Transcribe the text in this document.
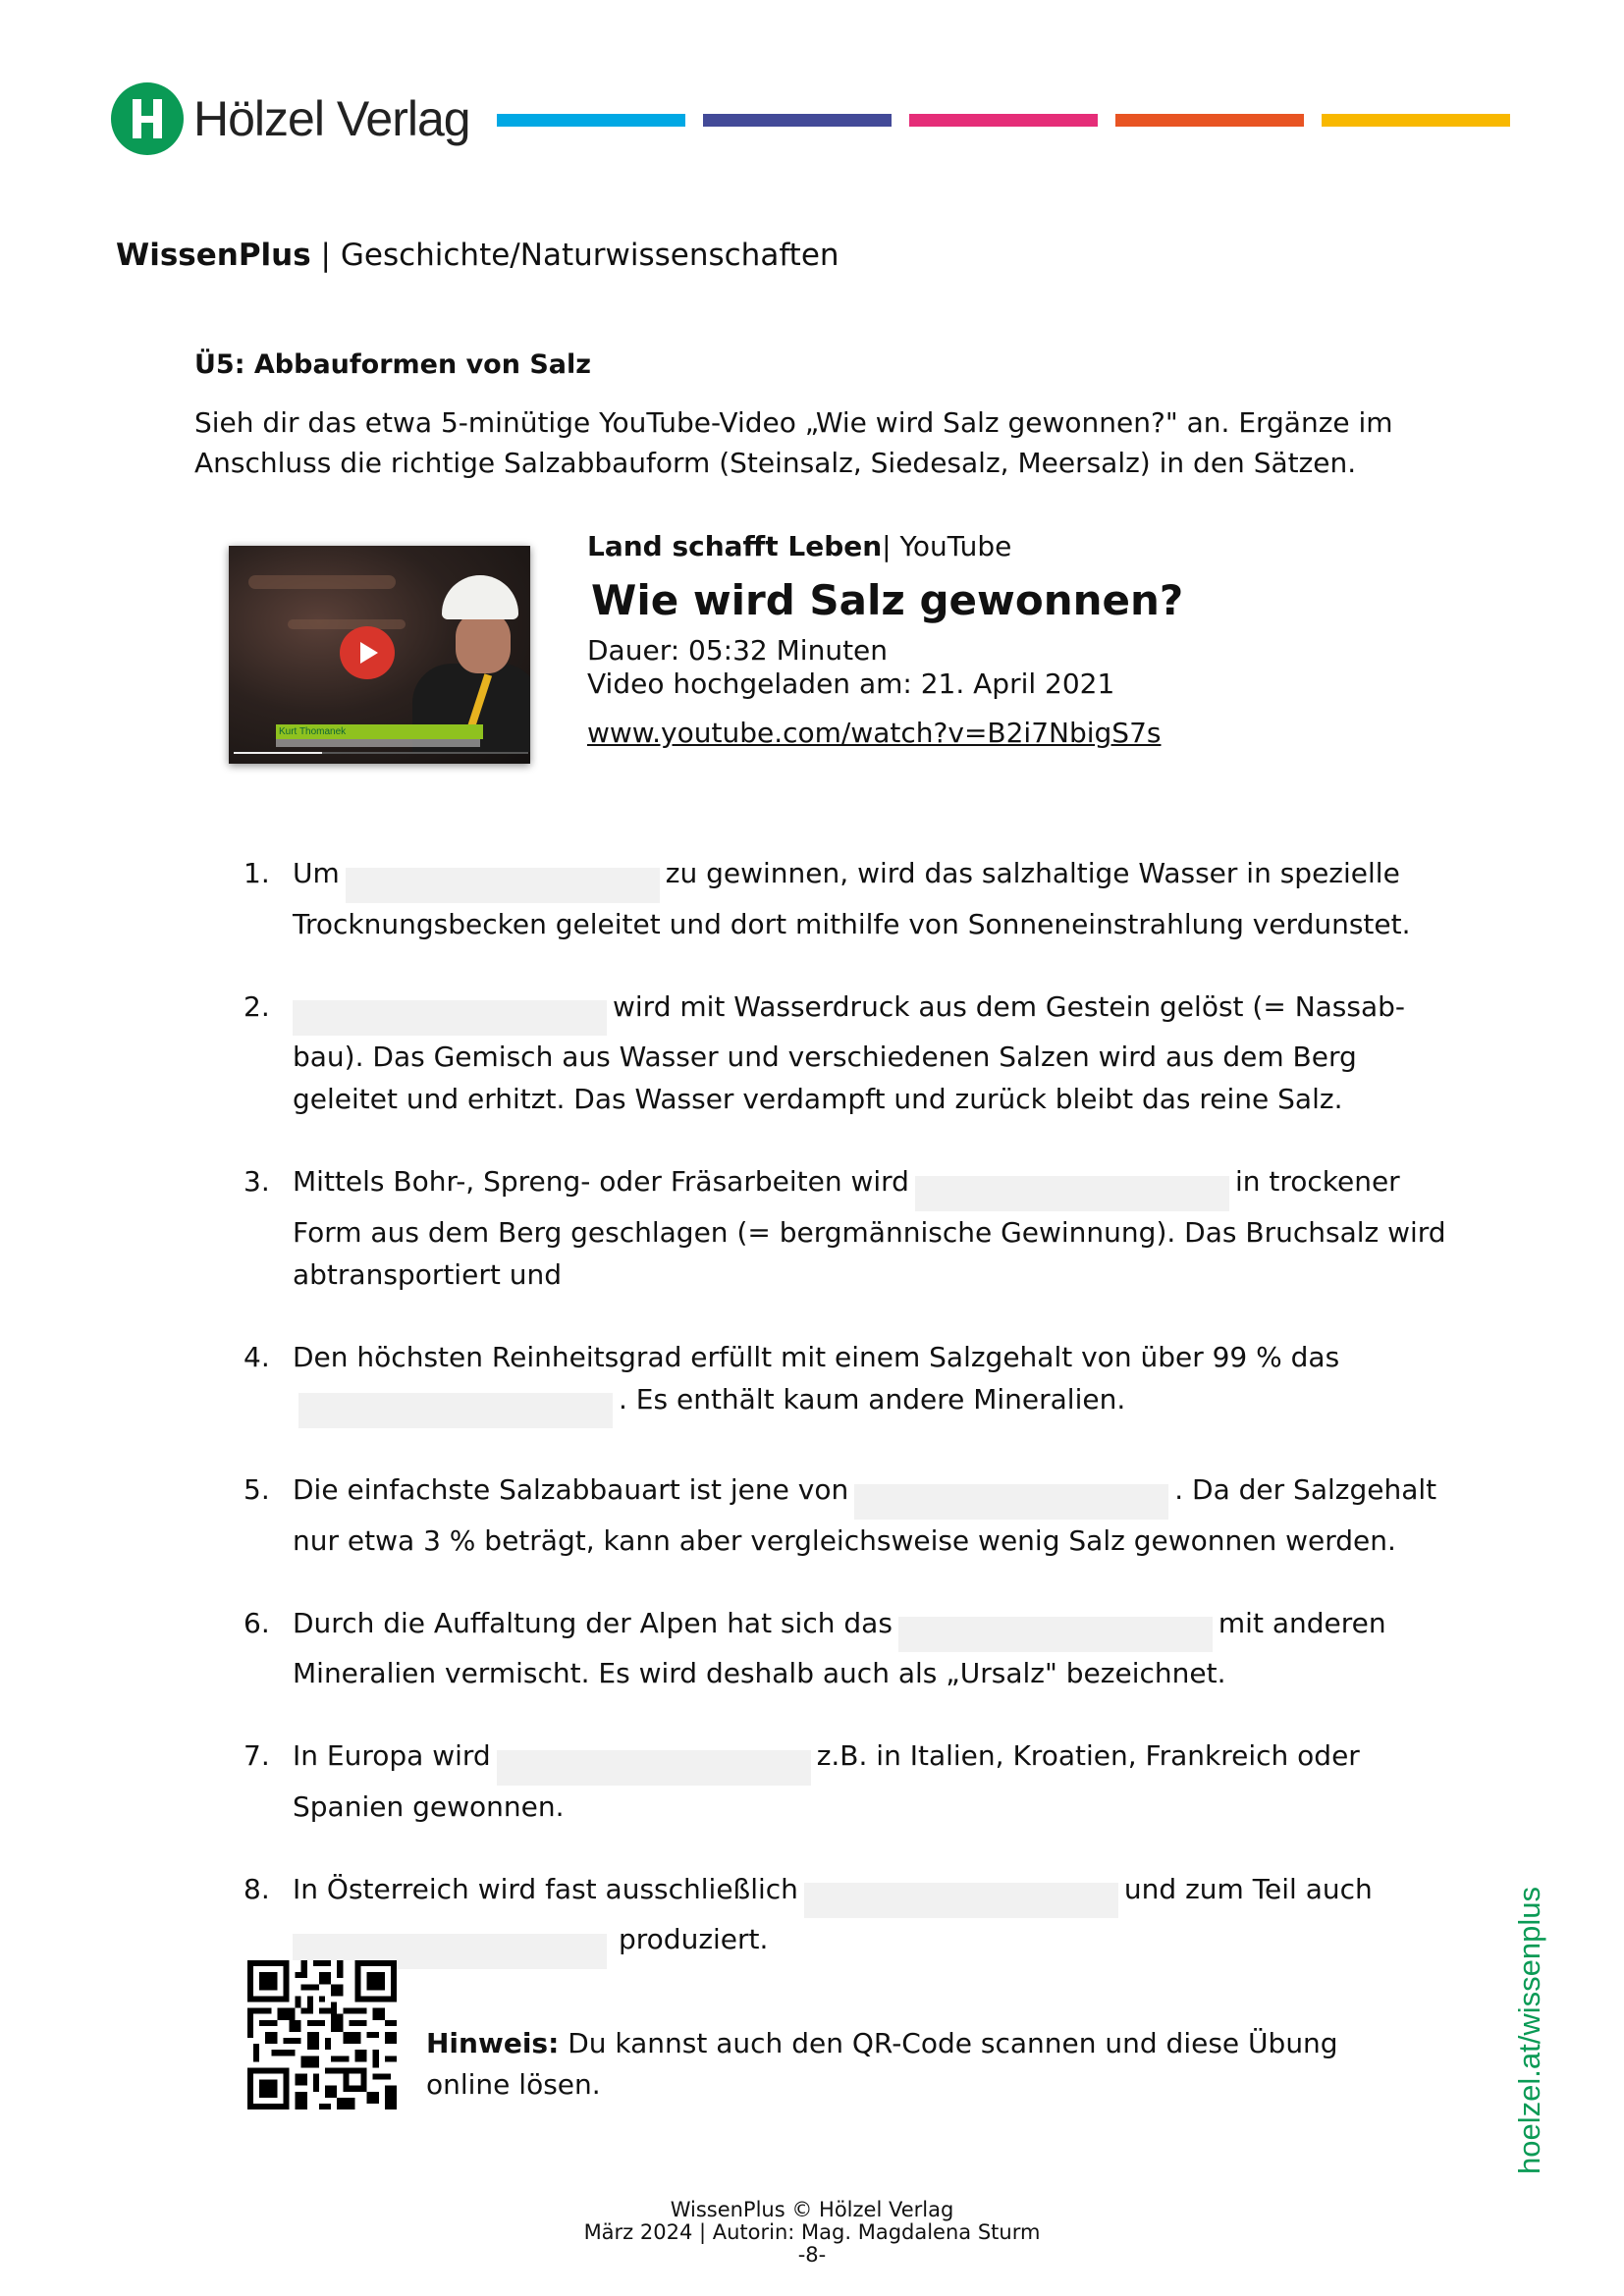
Hölzel Verlag
WissenPlus | Geschichte/Naturwissenschaften
Ü5: Abbauformen von Salz
Sieh dir das etwa 5-minütige YouTube-Video „Wie wird Salz gewonnen?" an. Ergänze im Anschluss die richtige Salzabbauform (Steinsalz, Siedesalz, Meersalz) in den Sätzen.
Kurt Thomanek
Land schafft Leben| YouTube
Wie wird Salz gewonnen?
Dauer: 05:32 Minuten
Video hochgeladen am: 21. April 2021
www.youtube.com/watch?v=B2i7NbigS7s
1. Um	zu gewinnen, wird das salzhaltige Wasser in spezielle Trocknungsbecken geleitet und dort mithilfe von Sonneneinstrahlung verdunstet.
2.	wird mit Wasserdruck aus dem Gestein gelöst (= Nassabbau). Das Gemisch aus Wasser und verschiedenen Salzen wird aus dem Berg geleitet und erhitzt. Das Wasser verdampft und zurück bleibt das reine Salz.
3. Mittels Bohr-, Spreng- oder Fräsarbeiten wird	in trockener Form aus dem Berg geschlagen (= bergmännische Gewinnung). Das Bruchsalz wird abtransportiert und
4. Den höchsten Reinheitsgrad erfüllt mit einem Salzgehalt von über 99 % das. Es enthält kaum andere Mineralien.
5. Die einfachste Salzabbauart ist jene von	. Da der Salzgehalt nur etwa 3 % beträgt, kann aber vergleichsweise wenig Salz gewonnen werden.
6. Durch die Auffaltung der Alpen hat sich das	mit anderen Mineralien vermischt. Es wird deshalb auch als „Ursalz" bezeichnet.
7. In Europa wird	z.B. in Italien, Kroatien, Frankreich oder Spanien gewonnen.
8. In Österreich wird fast ausschließlich	und zum Teil auch
produziert.
Hinweis: Du kannst auch den QR-Code scannen und diese Übung online lösen.	hoelzel.at/wissenplus
WissenPlus © Hölzel Verlag
März 2024 | Autorin: Mag. Magdalena Sturm
-8-
